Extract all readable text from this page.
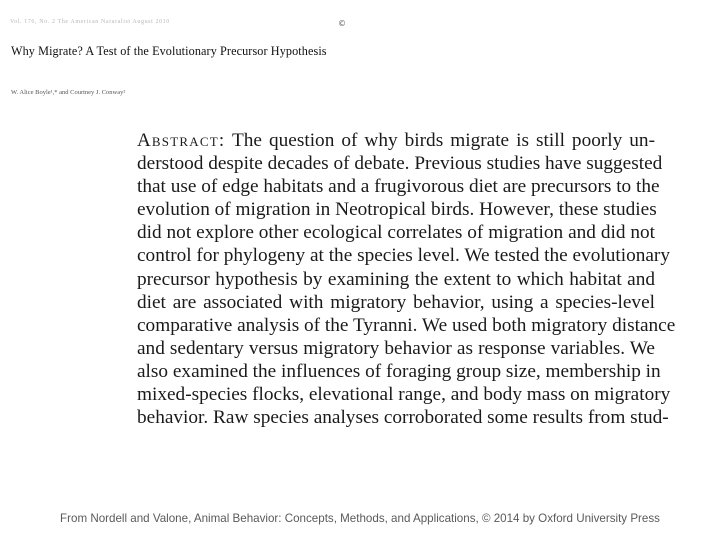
Vol. 176, No. 2 The American Naturalist August 2010	©
Why Migrate? A Test of the Evolutionary Precursor Hypothesis
W. Alice Boyle¹,* and Courtney J. Conway²
Abstract: The question of why birds migrate is still poorly un-
derstood despite decades of debate. Previous studies have suggested
that use of edge habitats and a frugivorous diet are precursors to the
evolution of migration in Neotropical birds. However, these studies
did not explore other ecological correlates of migration and did not
control for phylogeny at the species level. We tested the evolutionary
precursor hypothesis by examining the extent to which habitat and
diet are associated with migratory behavior, using a species-level
comparative analysis of the Tyranni. We used both migratory distance
and sedentary versus migratory behavior as response variables. We
also examined the influences of foraging group size, membership in
mixed-species flocks, elevational range, and body mass on migratory
behavior. Raw species analyses corroborated some results from stud-
From Nordell and Valone, Animal Behavior: Concepts, Methods, and Applications, © 2014 by Oxford University Press
